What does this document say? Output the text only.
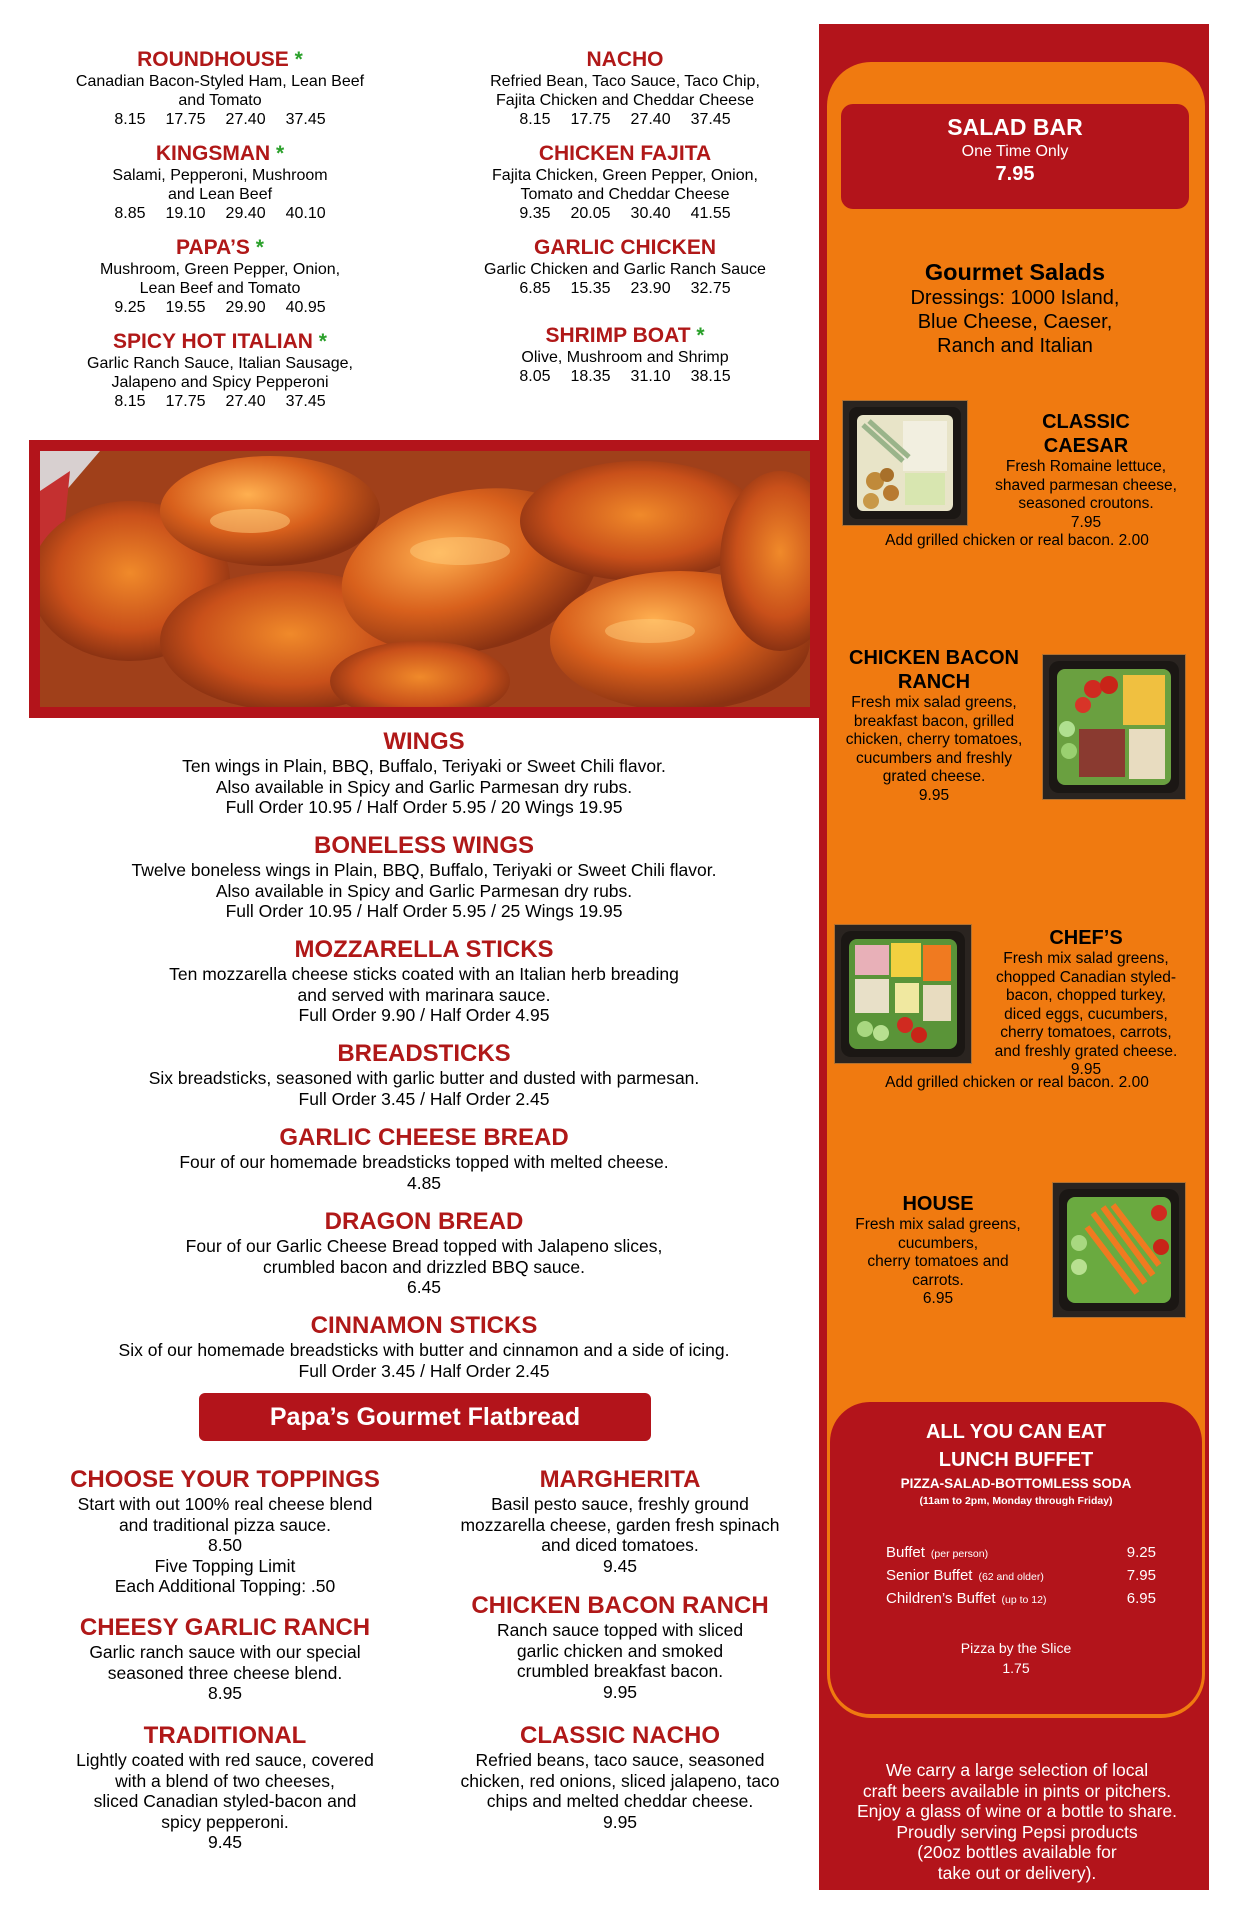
ROUNDHOUSE *
Canadian Bacon-Styled Ham, Lean Beef
and Tomato
8.15 17.75 27.40 37.45
KINGSMAN *
Salami, Pepperoni, Mushroom
and Lean Beef
8.85 19.10 29.40 40.10
PAPA’S *
Mushroom, Green Pepper, Onion,
Lean Beef and Tomato
9.25 19.55 29.90 40.95
SPICY HOT ITALIAN *
Garlic Ranch Sauce, Italian Sausage,
Jalapeno and Spicy Pepperoni
8.15 17.75 27.40 37.45
NACHO
Refried Bean, Taco Sauce, Taco Chip,
Fajita Chicken and Cheddar Cheese
8.15 17.75 27.40 37.45
CHICKEN FAJITA
Fajita Chicken, Green Pepper, Onion,
Tomato and Cheddar Cheese
9.35 20.05 30.40 41.55
GARLIC CHICKEN
Garlic Chicken and Garlic Ranch Sauce
6.85 15.35 23.90 32.75
SHRIMP BOAT *
Olive, Mushroom and Shrimp
8.05 18.35 31.10 38.15
WINGS
Ten wings in Plain, BBQ, Buffalo, Teriyaki or Sweet Chili flavor.
Also available in Spicy and Garlic Parmesan dry rubs.
Full Order 10.95 / Half Order 5.95 / 20 Wings 19.95
BONELESS WINGS
Twelve boneless wings in Plain, BBQ, Buffalo, Teriyaki or Sweet Chili flavor.
Also available in Spicy and Garlic Parmesan dry rubs.
Full Order 10.95 / Half Order 5.95 / 25 Wings 19.95
MOZZARELLA STICKS
Ten mozzarella cheese sticks coated with an Italian herb breading
and served with marinara sauce.
Full Order 9.90 / Half Order 4.95
BREADSTICKS
Six breadsticks, seasoned with garlic butter and dusted with parmesan.
Full Order 3.45 / Half Order 2.45
GARLIC CHEESE BREAD
Four of our homemade breadsticks topped with melted cheese.
4.85
DRAGON BREAD
Four of our Garlic Cheese Bread topped with Jalapeno slices,
crumbled bacon and drizzled BBQ sauce.
6.45
CINNAMON STICKS
Six of our homemade breadsticks with butter and cinnamon and a side of icing.
Full Order 3.45 / Half Order 2.45
Papa’s Gourmet Flatbread
CHOOSE YOUR TOPPINGS
Start with out 100% real cheese blend
and traditional pizza sauce.
8.50
Five Topping Limit
Each Additional Topping: .50
CHEESY GARLIC RANCH
Garlic ranch sauce with our special
seasoned three cheese blend.
8.95
TRADITIONAL
Lightly coated with red sauce, covered
with a blend of two cheeses,
sliced Canadian styled-bacon and
spicy pepperoni.
9.45
MARGHERITA
Basil pesto sauce, freshly ground
mozzarella cheese, garden fresh spinach
and diced tomatoes.
9.45
CHICKEN BACON RANCH
Ranch sauce topped with sliced
garlic chicken and smoked
crumbled breakfast bacon.
9.95
CLASSIC NACHO
Refried beans, taco sauce, seasoned
chicken, red onions, sliced jalapeno, taco
chips and melted cheddar cheese.
9.95
SALAD BAR
One Time Only
7.95
Gourmet Salads
Dressings: 1000 Island,
Blue Cheese, Caeser,
Ranch and Italian
CLASSIC
CAESAR
Fresh Romaine lettuce,
shaved parmesan cheese,
seasoned croutons.
7.95
Add grilled chicken or real bacon. 2.00
CHICKEN BACON
RANCH
Fresh mix salad greens,
breakfast bacon, grilled
chicken, cherry tomatoes,
cucumbers and freshly
grated cheese.
9.95
CHEF’S
Fresh mix salad greens,
chopped Canadian styled-
bacon, chopped turkey,
diced eggs, cucumbers,
cherry tomatoes, carrots,
and freshly grated cheese.
9.95
Add grilled chicken or real bacon. 2.00
HOUSE
Fresh mix salad greens,
cucumbers,
cherry tomatoes and
carrots.
6.95
ALL YOU CAN EAT
LUNCH BUFFET
PIZZA-SALAD-BOTTOMLESS SODA
(11am to 2pm, Monday through Friday)
Buffet (per person)	9.25
Senior Buffet (62 and older)	7.95
Children’s Buffet (up to 12)	6.95
Pizza by the Slice
1.75
We carry a large selection of local
craft beers available in pints or pitchers.
Enjoy a glass of wine or a bottle to share.
Proudly serving Pepsi products
(20oz bottles available for
take out or delivery).
